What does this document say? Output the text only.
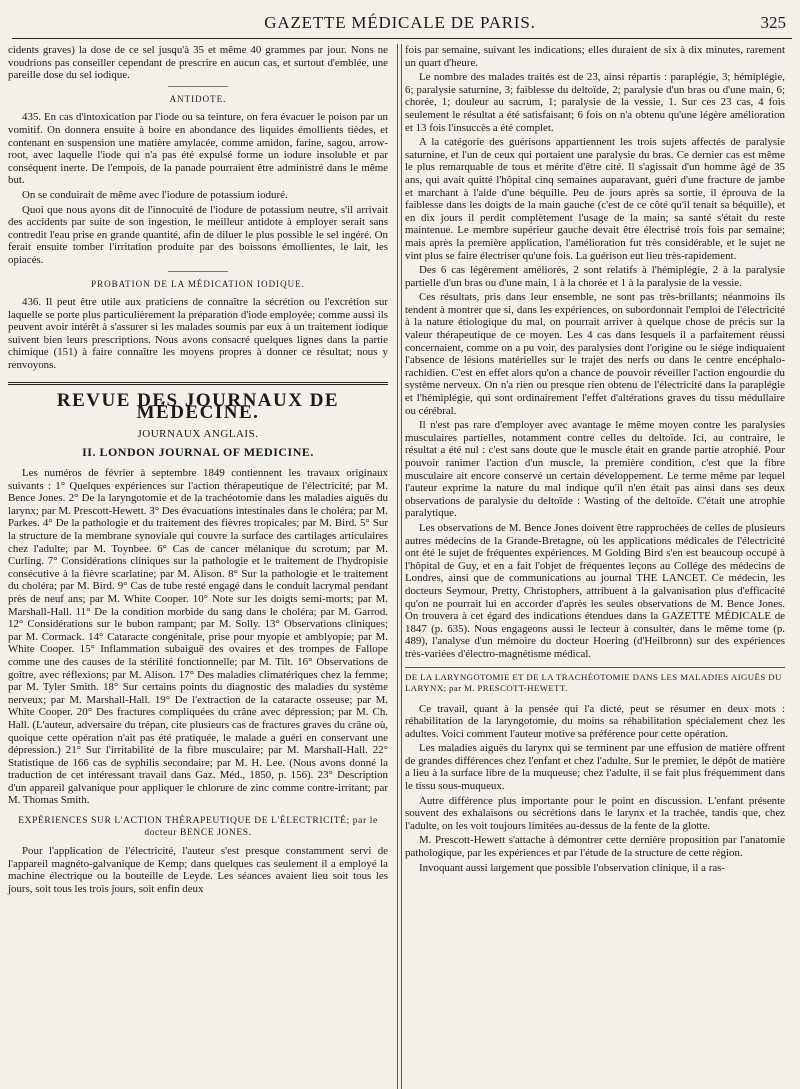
GAZETTE MÉDICALE DE PARIS.	325

cidents graves) la dose de ce sel jusqu'à 35 et même 40 grammes par jour. Nons ne voudrions pas conseiller cependant de prescrire en aucun cas, et surtout d'emblée, une pareille dose du sel iodique.

ANTIDOTE.

435. En cas d'intoxication par l'iode ou sa teinture, on fera évacuer le poison par un vomitif. On donnera ensuite à boire en abondance des liquides émollients tièdes, et contenant en suspension une matière amylacée, comme amidon, farine, sagou, arrow-root, avec laquelle l'iode qui n'a pas été expulsé forme un iodure insoluble et par conséquent inerte. De l'empois, de la panade pourraient être administré dans le même but.

On se conduirait de même avec l'iodure de potassium ioduré.

Quoi que nous ayons dit de l'innocuité de l'iodure de potassium neutre, s'il arrivait des accidents par suite de son ingestion, le meilleur antidote à employer serait sans contredit l'eau prise en grande quantité, afin de diluer le plus possible le sel ingéré. On ferait ensuite tomber l'irritation produite par des boissons émollientes, le lait, les opiacés.

PROBATION DE LA MÉDICATION IODIQUE.

436. Il peut être utile aux praticiens de connaître la sécrétion ou l'excrétion sur laquelle se porte plus particulièrement la préparation d'iode employée; comme aussi ils peuvent avoir intérêt à s'assurer si les malades soumis par eux à un traitement iodique suivent bien leurs prescriptions. Nous avons consacré quelques lignes dans la partie chimique (151) à faire connaître les moyens propres à donner ce résultat; nous y renvoyons.

REVUE DES JOURNAUX DE MÉDECINE.
JOURNAUX ANGLAIS.
II. LONDON JOURNAL OF MEDICINE.

Les numéros de février à septembre 1849 contiennent les travaux originaux suivants : 1° Quelques expériences sur l'action thérapeutique de l'électricité; par M. Bence Jones. 2° De la laryngotomie et de la trachéotomie dans les maladies aiguës du larynx; par M. Prescott-Hewett. 3° Des évacuations intestinales dans le choléra; par M. Parkes. 4° De la pathologie et du traitement des fièvres tropicales; par M. Bird. 5° Sur la structure de la membrane synoviale qui couvre la surface des cartilages articulaires chez l'adulte; par M. Toynbee. 6° Cas de cancer mélanique du scrotum; par M. Curling. 7° Considérations cliniques sur la pathologie et le traitement de l'hydropisie consécutive à la fièvre scarlatine; par M. Alison. 8° Sur la pathologie et le traitement du choléra; par M. Bird. 9° Cas de tube resté engagé dans le conduit lacrymal pendant près de neuf ans; par M. White Cooper. 10° Note sur les doigts semi-morts; par M. Marshall-Hall. 11° De la condition morbide du sang dans le choléra; par M. Garrod. 12° Considérations sur le bubon rampant; par M. Solly. 13° Observations cliniques; par M. Cormack. 14° Cataracte congénitale, prise pour myopie et amblyopie; par M. White Cooper. 15° Inflammation subaiguë des ovaires et des trompes de Fallope comme une des causes de la stérilité fonctionnelle; par M. Tilt. 16° Observations de goître, avec réflexions; par M. Alison. 17° Des maladies climatériques chez la femme; par M. Tyler Smith. 18° Sur certains points du diagnostic des maladies du système nerveux; par M. Marshall-Hall. 19° De l'extraction de la cataracte osseuse; par M. White Cooper. 20° Des fractures compliquées du crâne avec dépression; par M. Ch. Hall. (L'auteur, adversaire du trépan, cite plusieurs cas de fractures graves du crâne où, quoique cette opération n'ait pas été pratiquée, le malade a guéri en conservant une dépression.) 21° Sur l'irritabilité de la fibre musculaire; par M. Marshall-Hall. 22° Statistique de 166 cas de syphilis secondaire; par M. H. Lee. (Nous avons donné la traduction de cet intéressant travail dans Gaz. Méd., 1850, p. 156). 23° Description d'un appareil galvanique pour appliquer le chlorure de zinc comme contre-irritant; par M. Thomas Smith.

EXPÉRIENCES SUR L'ACTION THÉRAPEUTIQUE DE L'ÉLECTRICITÉ; par le docteur BENCE JONES.

Pour l'application de l'électricité, l'auteur s'est presque constamment servi de l'appareil magnéto-galvanique de Kemp; dans quelques cas seulement il a employé la machine électrique ou la bouteille de Leyde. Les séances avaient lieu soit tous les jours, soit tous les trois jours, soit enfin deux

fois par semaine, suivant les indications; elles duraient de six à dix minutes, rarement un quart d'heure.

Le nombre des malades traités est de 23, ainsi répartis : paraplégie, 3; hémiplégie, 6; paralysie saturnine, 3; faiblesse du deltoïde, 2; paralysie d'un bras ou d'une main, 6; chorée, 1; douleur au sacrum, 1; paralysie de la vessie, 1. Sur ces 23 cas, 4 fois seulement le résultat a été satisfaisant; 6 fois on n'a obtenu qu'une légère amélioration et 13 fois l'insuccès a été complet.

A la catégorie des guérisons appartiennent les trois sujets affectés de paralysie saturnine, et l'un de ceux qui portaient une paralysie du bras. Ce dernier cas est même le plus remarquable de tous et mérite d'être cité. Il s'agissait d'un homme âgé de 35 ans, qui avait quitté l'hôpital cinq semaines auparavant, guéri d'une fracture de jambe et marchant à l'aide d'une béquille. Peu de jours après sa sortie, il éprouva de la faiblesse dans les doigts de la main gauche (c'est de ce côté qu'il tenait sa béquille), et en dix jours il perdit complètement l'usage de la main; sa santé s'était du reste maintenue. Le membre supérieur gauche devait être électrisé trois fois par semaine; mais après la première application, l'amélioration fut très considérable, et le sujet ne vint plus se faire électriser qu'une fois. La guérison eut lieu très-rapidement.

Des 6 cas légèrement améliorés, 2 sont relatifs à l'hémiplégie, 2 à la paralysie partielle d'un bras ou d'une main, 1 à la chorée et 1 à la paralysie de la vessie.

Ces résultats, pris dans leur ensemble, ne sont pas très-brillants; néanmoins ils tendent à montrer que si, dans les expériences, on subordonnait l'emploi de l'électricité à la nature étiologique du mal, on pourrait arriver à quelque chose de précis sur la valeur thérapeutique de ce moyen. Les 4 cas dans lesquels il a parfaitement réussi concernaient, comme on a pu voir, des paralysies dont l'origine ou le siége indiquaient l'absence de lésions matérielles sur le trajet des nerfs ou dans le centre encéphalo-rachidien. C'est en effet alors qu'on a chance de pouvoir réveiller l'action engourdie du système nerveux. On n'a rien ou presque rien obtenu de l'électricité dans la paraplégie et l'hémiplégie, qui sont ordinairement l'effet d'altérations graves du tissu médullaire ou cérébral.

Il n'est pas rare d'employer avec avantage le même moyen contre les paralysies musculaires partielles, notamment contre celles du deltoïde. Ici, au contraire, le résultat a été nul : c'est sans doute que le muscle était en grande partie atrophié. Pour pouvoir ranimer l'action d'un muscle, la première condition, c'est que la fibre musculaire ait encore conservé un certain développement. Le terme même par lequel l'auteur exprime la nature du mal indique qu'il n'en était pas ainsi dans ses deux observations de paralysie du deltoïde : Wasting of the deltoïde. C'était une atrophie paralytique.

Les observations de M. Bence Jones doivent être rapprochées de celles de plusieurs autres médecins de la Grande-Bretagne, où les applications médicales de l'électricité ont été le sujet de fréquentes expériences. M Golding Bird s'en est beaucoup occupé à l'hôpital de Guy, et en a fait l'objet de fréquentes leçons au Collége des médecins de Londres, ainsi que de communications au journal THE LANCET. Ce médecin, les docteurs Seymour, Pretty, Christophers, attribuent à la galvanisation plus d'efficacité qu'on ne pourrait lui en accorder d'après les seules observations de M. Bence Jones. On trouvera à cet égard des indications étendues dans la GAZETTE MÉDICALE de 1847 (p. 635). Nous engageons aussi le lecteur à consulter, dans le même tome (p. 489), l'analyse d'un mémoire du docteur Hoering (d'Heilbronn) sur des expériences très-variées d'électro-magnétisme médical.

DE LA LARYNGOTOMIE ET DE LA TRACHÉOTOMIE DANS LES MALADIES AIGUËS DU LARYNX; par M. PRESCOTT-HEWETT.

Ce travail, quant à la pensée qui l'a dicté, peut se résumer en deux mots : réhabilitation de la laryngotomie, du moins sa réhabilitation spécialement chez les adultes. Voici comment l'auteur motive sa préférence pour cette opération.

Les maladies aiguës du larynx qui se terminent par une effusion de matière offrent de grandes différences chez l'enfant et chez l'adulte. Sur le premier, le dépôt de matière a lieu à la surface libre de la muqueuse; chez l'adulte, il se fait plus fréquemment dans le tissu sous-muqueux.

Autre différence plus importante pour le point en discussion. L'enfant présente souvent des exhalaisons ou sécrétions dans le larynx et la trachée, tandis que, chez l'adulte, on les voit toujours limitées au-dessus de la fente de la glotte.

M. Prescott-Hewett s'attache à démontrer cette dernière proposition par l'anatomie pathologique, par les expériences et par l'étude de la structure de cette région.

Invoquant aussi largement que possible l'observation clinique, il a ras-
